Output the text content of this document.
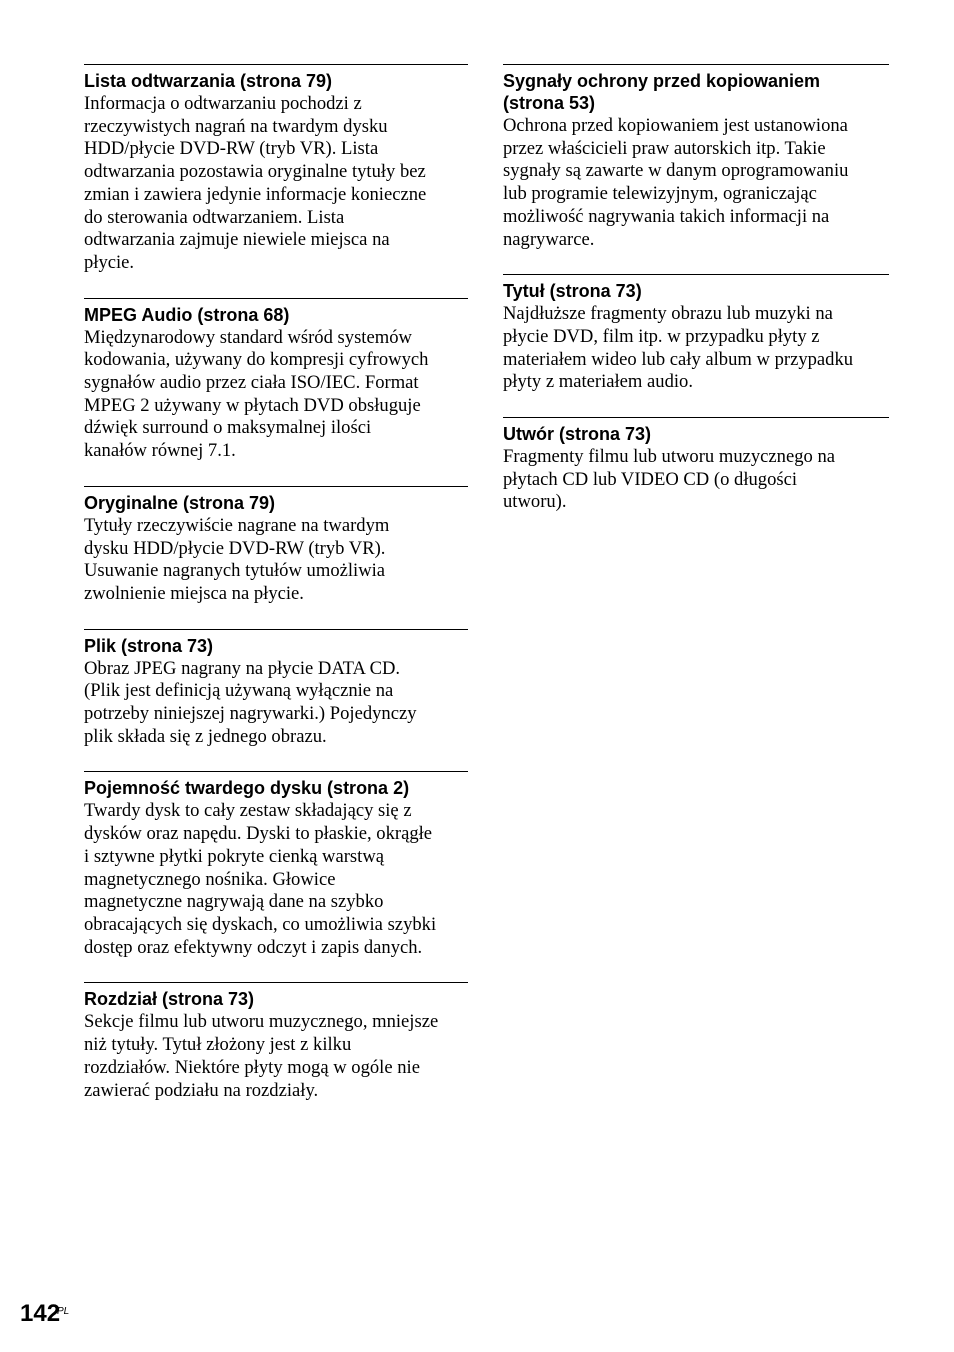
Lista odtwarzania (strona 79)
Informacja o odtwarzaniu pochodzi z
rzeczywistych nagrań na twardym dysku
HDD/płycie DVD-RW (tryb VR). Lista
odtwarzania pozostawia oryginalne tytuły bez
zmian i zawiera jedynie informacje konieczne
do sterowania odtwarzaniem. Lista
odtwarzania zajmuje niewiele miejsca na
płycie.
MPEG Audio (strona 68)
Międzynarodowy standard wśród systemów
kodowania, używany do kompresji cyfrowych
sygnałów audio przez ciała ISO/IEC. Format
MPEG 2 używany w płytach DVD obsługuje
dźwięk surround o maksymalnej ilości
kanałów równej 7.1.
Oryginalne (strona 79)
Tytuły rzeczywiście nagrane na twardym
dysku HDD/płycie DVD-RW (tryb VR).
Usuwanie nagranych tytułów umożliwia
zwolnienie miejsca na płycie.
Plik (strona 73)
Obraz JPEG nagrany na płycie DATA CD.
(Plik jest definicją używaną wyłącznie na
potrzeby niniejszej nagrywarki.) Pojedynczy
plik składa się z jednego obrazu.
Pojemność twardego dysku (strona 2)
Twardy dysk to cały zestaw składający się z
dysków oraz napędu. Dyski to płaskie, okrągłe
i sztywne płytki pokryte cienką warstwą
magnetycznego nośnika. Głowice
magnetyczne nagrywają dane na szybko
obracających się dyskach, co umożliwia szybki
dostęp oraz efektywny odczyt i zapis danych.
Rozdział (strona 73)
Sekcje filmu lub utworu muzycznego, mniejsze
niż tytuły. Tytuł złożony jest z kilku
rozdziałów. Niektóre płyty mogą w ogóle nie
zawierać podziału na rozdziały.
Sygnały ochrony przed kopiowaniem
(strona 53)
Ochrona przed kopiowaniem jest ustanowiona
przez właścicieli praw autorskich itp. Takie
sygnały są zawarte w danym oprogramowaniu
lub programie telewizyjnym, ograniczając
możliwość nagrywania takich informacji na
nagrywarce.
Tytuł (strona 73)
Najdłuższe fragmenty obrazu lub muzyki na
płycie DVD, film itp. w przypadku płyty z
materiałem wideo lub cały album w przypadku
płyty z materiałem audio.
Utwór (strona 73)
Fragmenty filmu lub utworu muzycznego na
płytach CD lub VIDEO CD (o długości
utworu).
142
PL
